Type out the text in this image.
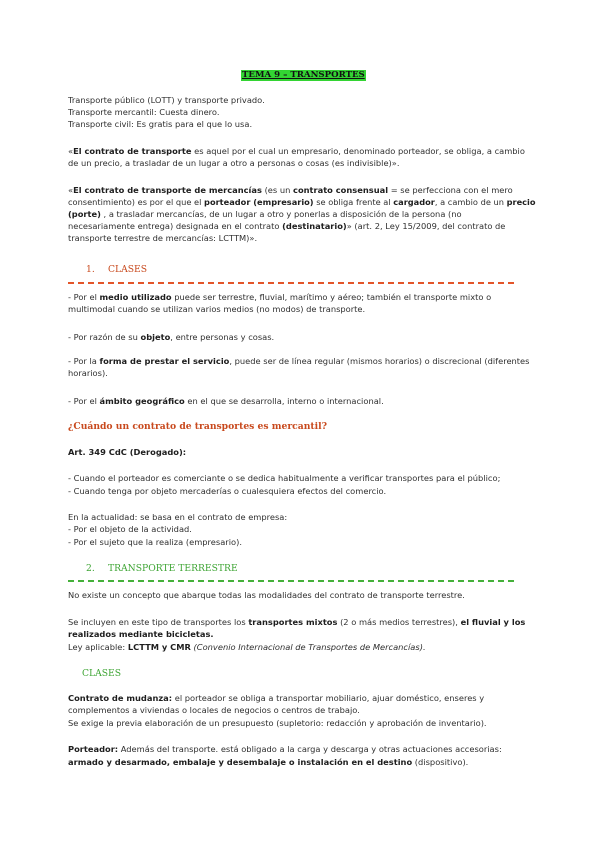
TEMA 9 – TRANSPORTES
Transporte público (LOTT) y transporte privado.
Transporte mercantil: Cuesta dinero.
Transporte civil: Es gratis para el que lo usa.
«El contrato de transporte es aquel por el cual un empresario, denominado porteador, se obliga, a cambio
de un precio, a trasladar de un lugar a otro a personas o cosas (es indivisible)».
«El contrato de transporte de mercancías (es un contrato consensual = se perfecciona con el mero
consentimiento) es por el que el porteador (empresario) se obliga frente al cargador, a cambio de un precio
(porte) , a trasladar mercancías, de un lugar a otro y ponerlas a disposición de la persona (no
necesariamente entrega) designada en el contrato (destinatario)» (art. 2, Ley 15/2009, del contrato de
transporte terrestre de mercancías: LCTTM)».
1. CLASES
- Por el medio utilizado puede ser terrestre, fluvial, marítimo y aéreo; también el transporte mixto o
multimodal cuando se utilizan varios medios (no modos) de transporte.
- Por razón de su objeto, entre personas y cosas.
- Por la forma de prestar el servicio, puede ser de línea regular (mismos horarios) o discrecional (diferentes
horarios).
- Por el ámbito geográfico en el que se desarrolla, interno o internacional.
¿Cuándo un contrato de transportes es mercantil?
Art. 349 CdC (Derogado):
- Cuando el porteador es comerciante o se dedica habitualmente a verificar transportes para el público;
- Cuando tenga por objeto mercaderías o cualesquiera efectos del comercio.
En la actualidad: se basa en el contrato de empresa:
- Por el objeto de la actividad.
- Por el sujeto que la realiza (empresario).
2. TRANSPORTE TERRESTRE
No existe un concepto que abarque todas las modalidades del contrato de transporte terrestre.
Se incluyen en este tipo de transportes los transportes mixtos (2 o más medios terrestres), el fluvial y los
realizados mediante bicicletas.
Ley aplicable: LCTTM y CMR (Convenio Internacional de Transportes de Mercancías).
CLASES
Contrato de mudanza: el porteador se obliga a transportar mobiliario, ajuar doméstico, enseres y
complementos a viviendas o locales de negocios o centros de trabajo.
Se exige la previa elaboración de un presupuesto (supletorio: redacción y aprobación de inventario).
Porteador: Además del transporte. está obligado a la carga y descarga y otras actuaciones accesorias:
armado y desarmado, embalaje y desembalaje o instalación en el destino (dispositivo).
